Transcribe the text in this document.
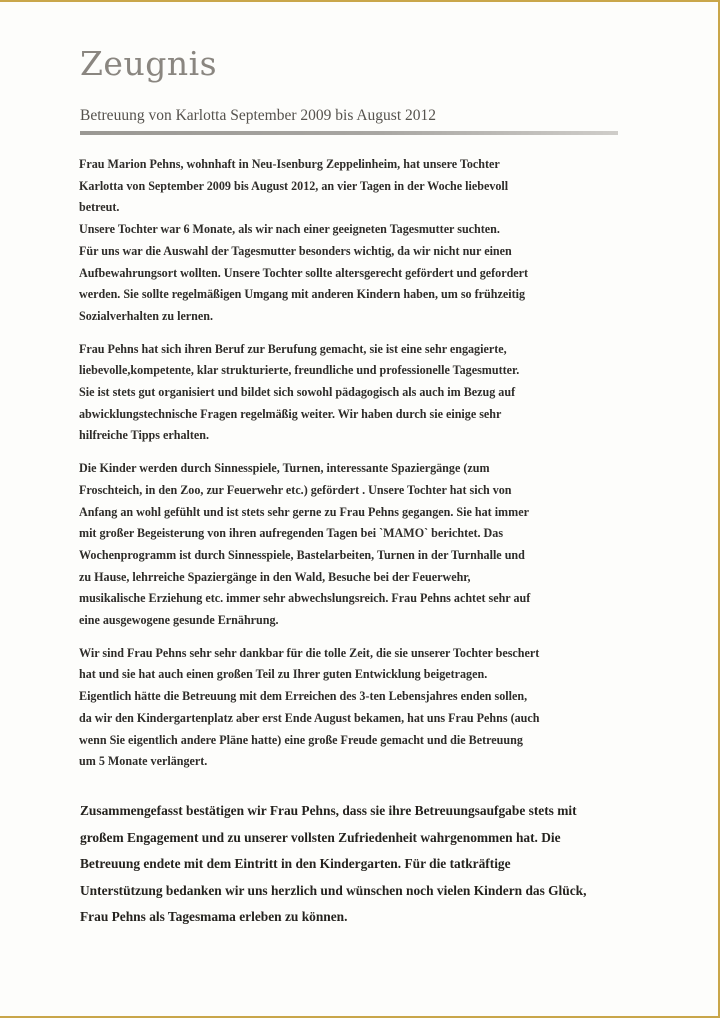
Zeugnis
Betreuung von Karlotta September 2009 bis August 2012

Frau Marion Pehns, wohnhaft in Neu-Isenburg Zeppelinheim, hat unsere Tochter
Karlotta von September 2009 bis August 2012, an vier Tagen in der Woche liebevoll
betreut.
Unsere Tochter war 6 Monate, als wir nach einer geeigneten Tagesmutter suchten.
Für uns war die Auswahl der Tagesmutter besonders wichtig, da wir nicht nur einen
Aufbewahrungsort wollten. Unsere Tochter sollte altersgerecht gefördert und gefordert
werden. Sie sollte regelmäßigen Umgang mit anderen Kindern haben, um so frühzeitig
Sozialverhalten zu lernen.

Frau Pehns hat sich ihren Beruf zur Berufung gemacht, sie ist eine sehr engagierte,
liebevolle,kompetente, klar strukturierte, freundliche und professionelle Tagesmutter.
Sie ist stets gut organisiert und bildet sich sowohl pädagogisch als auch im Bezug auf
abwicklungstechnische Fragen regelmäßig weiter. Wir haben durch sie einige sehr
hilfreiche Tipps erhalten.

Die Kinder werden durch Sinnesspiele, Turnen, interessante Spaziergänge (zum
Froschteich, in den Zoo, zur Feuerwehr etc.) gefördert . Unsere Tochter hat sich von
Anfang an wohl gefühlt und ist stets sehr gerne zu Frau Pehns gegangen. Sie hat immer
mit großer Begeisterung von ihren aufregenden Tagen bei `MAMO` berichtet. Das
Wochenprogramm ist durch Sinnesspiele, Bastelarbeiten, Turnen in der Turnhalle und
zu Hause, lehrreiche Spaziergänge in den Wald, Besuche bei der Feuerwehr,
musikalische Erziehung etc. immer sehr abwechslungsreich. Frau Pehns achtet sehr auf
eine ausgewogene gesunde Ernährung.

Wir sind Frau Pehns sehr sehr dankbar für die tolle Zeit, die sie unserer Tochter beschert
hat und sie hat auch einen großen Teil zu Ihrer guten Entwicklung beigetragen.
Eigentlich hätte die Betreuung mit dem Erreichen des 3-ten Lebensjahres enden sollen,
da wir den Kindergartenplatz aber erst Ende August bekamen, hat uns Frau Pehns (auch
wenn Sie eigentlich andere Pläne hatte) eine große Freude gemacht und die Betreuung
um 5 Monate verlängert.

Zusammengefasst bestätigen wir Frau Pehns, dass sie ihre Betreuungsaufgabe stets mit
großem Engagement und zu unserer vollsten Zufriedenheit wahrgenommen hat. Die
Betreuung endete mit dem Eintritt in den Kindergarten. Für die tatkräftige
Unterstützung bedanken wir uns herzlich und wünschen noch vielen Kindern das Glück,
Frau Pehns als Tagesmama erleben zu können.
